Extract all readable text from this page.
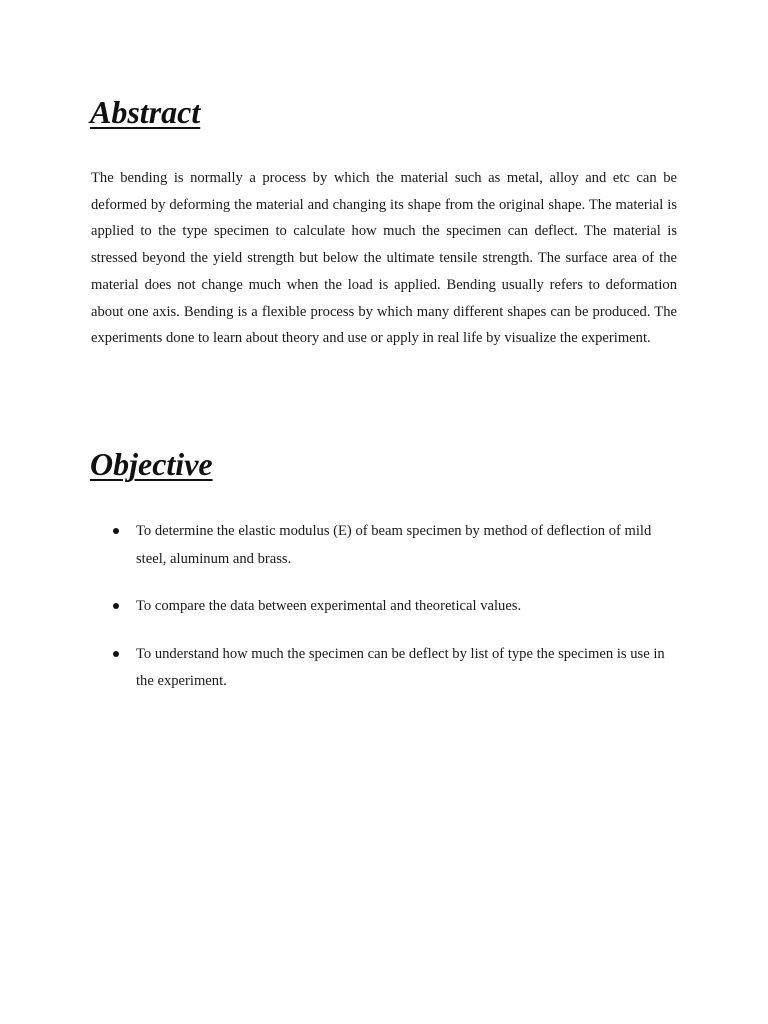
Abstract

The bending is normally a process by which the material such as metal, alloy and etc can be deformed by deforming the material and changing its shape from the original shape. The material is applied to the type specimen to calculate how much the specimen can deflect. The material is stressed beyond the yield strength but below the ultimate tensile strength. The surface area of the material does not change much when the load is applied. Bending usually refers to deformation about one axis. Bending is a flexible process by which many different shapes can be produced. The experiments done to learn about theory and use or apply in real life by visualize the experiment.

Objective
To determine the elastic modulus (E) of beam specimen by method of deflection of mild steel, aluminum and brass.
To compare the data between experimental and theoretical values.
To understand how much the specimen can be deflect by list of type the specimen is use in the experiment.
